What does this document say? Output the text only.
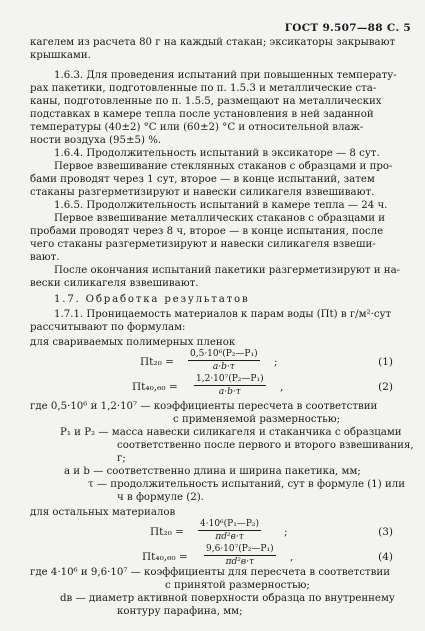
ГОСТ 9.507—88 С. 5
кагелем из расчета 80 г на каждый стакан; эксикаторы закрывают
крышками.
1.6.3. Для проведения испытаний при повышенных температу-
рах пакетики, подготовленные по п. 1.5.3 и металлические ста-
каны, подготовленные по п. 1.5.5, размещают на металлических
подставках в камере тепла после установления в ней заданной
температуры (40±2) °С или (60±2) °С и относительной влаж-
ности воздуха (95±5) %.
1.6.4. Продолжительность испытаний в эксикаторе — 8 сут.
Первое взвешивание стеклянных стаканов с образцами и про-
бами проводят через 1 сут, второе — в конце испытаний, затем
стаканы разгерметизируют и навески силикагеля взвешивают.
1.6.5. Продолжительность испытаний в камере тепла — 24 ч.
Первое взвешивание металлических стаканов с образцами и
пробами проводят через 8 ч, второе — в конце испытания, после
чего стаканы разгерметизируют и навески силикагеля взвеши-
вают.
После окончания испытаний пакетики разгерметизируют и на-
вески силикагеля взвешивают.
1.7. Обработка результатов
1.7.1. Проницаемость материалов к парам воды (Пt) в г/м²·сут
рассчитывают по формулам:
для свариваемых полимерных пленок
где 0,5·10⁶ и 1,2·10⁷ — коэффициенты пересчета в соответствии
с применяемой размерностью;
P₁ и P₂ — масса навески силикагеля и стаканчика с образцами
соответственно после первого и второго взвешивания,
г;
a и b — соответственно длина и ширина пакетика, мм;
τ — продолжительность испытаний, сут в формуле (1) или
ч в формуле (2).
для остальных материалов
где 4·10⁶ и 9,6·10⁷ — коэффициенты для пересчета в соответствии
с принятой размерностью;
dв — диаметр активной поверхности образца по внутреннему
контуру парафина, мм;
$Пt_{20} = \frac{\text{0,5·10⁶(P₂—P₁)}}{a\cdot b\cdot\tau}$ ;	(1)
$Пt_{40},_{60} = \frac{\text{1,2·10⁷(P₂—P₁)}}{a\cdot b\cdot\tau}$ ,	(2)
Пt₂₀ =
4·10⁶(P₁—P₂)
πd²в·τ	;	(3)
Пt₄₀,₆₀ =
9,6·10⁷(P₂—P₁)
πd²в·τ	,	(4)
